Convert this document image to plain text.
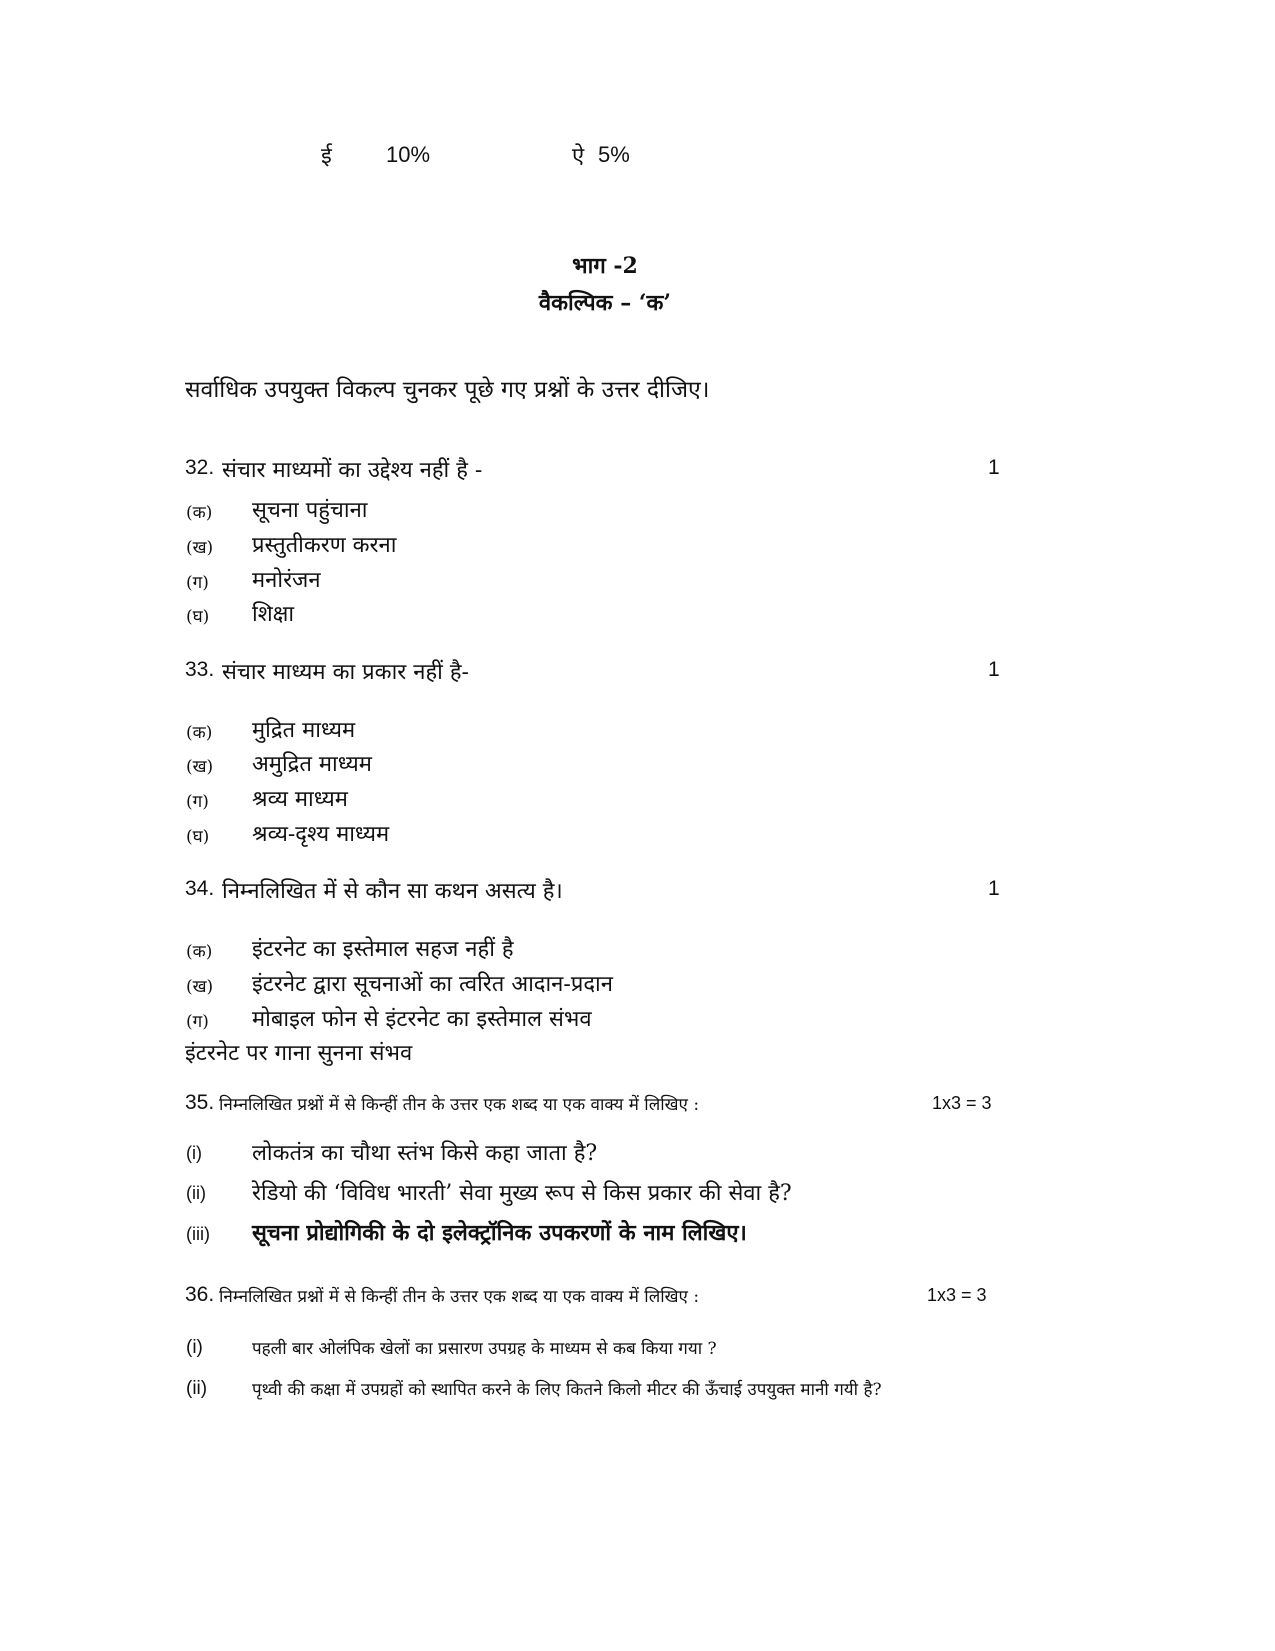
ई 10%	ऐ 5%
भाग -2
वैकल्पिक – ‘क’
सर्वाधिक उपयुक्त विकल्प चुनकर पूछे गए प्रश्नों के उत्तर दीजिए।
32. संचार माध्यमों का उद्देश्य नहीं है -	1
(क) सूचना पहुंचाना
(ख) प्रस्तुतीकरण करना
(ग) मनोरंजन
(घ) शिक्षा
33. संचार माध्यम का प्रकार नहीं है-	1
(क) मुद्रित माध्यम
(ख) अमुद्रित माध्यम
(ग) श्रव्य माध्यम
(घ) श्रव्य-दृश्य माध्यम
34. निम्नलिखित में से कौन सा कथन असत्य है।	1
(क) इंटरनेट का इस्तेमाल सहज नहीं है
(ख) इंटरनेट द्वारा सूचनाओं का त्वरित आदान-प्रदान
(ग) मोबाइल फोन से इंटरनेट का इस्तेमाल संभव
इंटरनेट पर गाना सुनना संभव
35. निम्नलिखित प्रश्नों में से किन्हीं तीन के उत्तर एक शब्द या एक वाक्य में लिखिए :	1x3 = 3
(i) लोकतंत्र का चौथा स्तंभ किसे कहा जाता है?
(ii) रेडियो की ‘विविध भारती’ सेवा मुख्य रूप से किस प्रकार की सेवा है?
(iii) सूचना प्रोद्योगिकी के दो इलेक्ट्रॉनिक उपकरणों के नाम लिखिए।
36. निम्नलिखित प्रश्नों में से किन्हीं तीन के उत्तर एक शब्द या एक वाक्य में लिखिए :	1x3 = 3
(i)	पहली बार ओलंपिक खेलों का प्रसारण उपग्रह के माध्यम से कब किया गया ?
(ii)	पृथ्वी की कक्षा में उपग्रहों को स्थापित करने के लिए कितने किलो मीटर की ऊँचाई उपयुक्त मानी गयी है?
